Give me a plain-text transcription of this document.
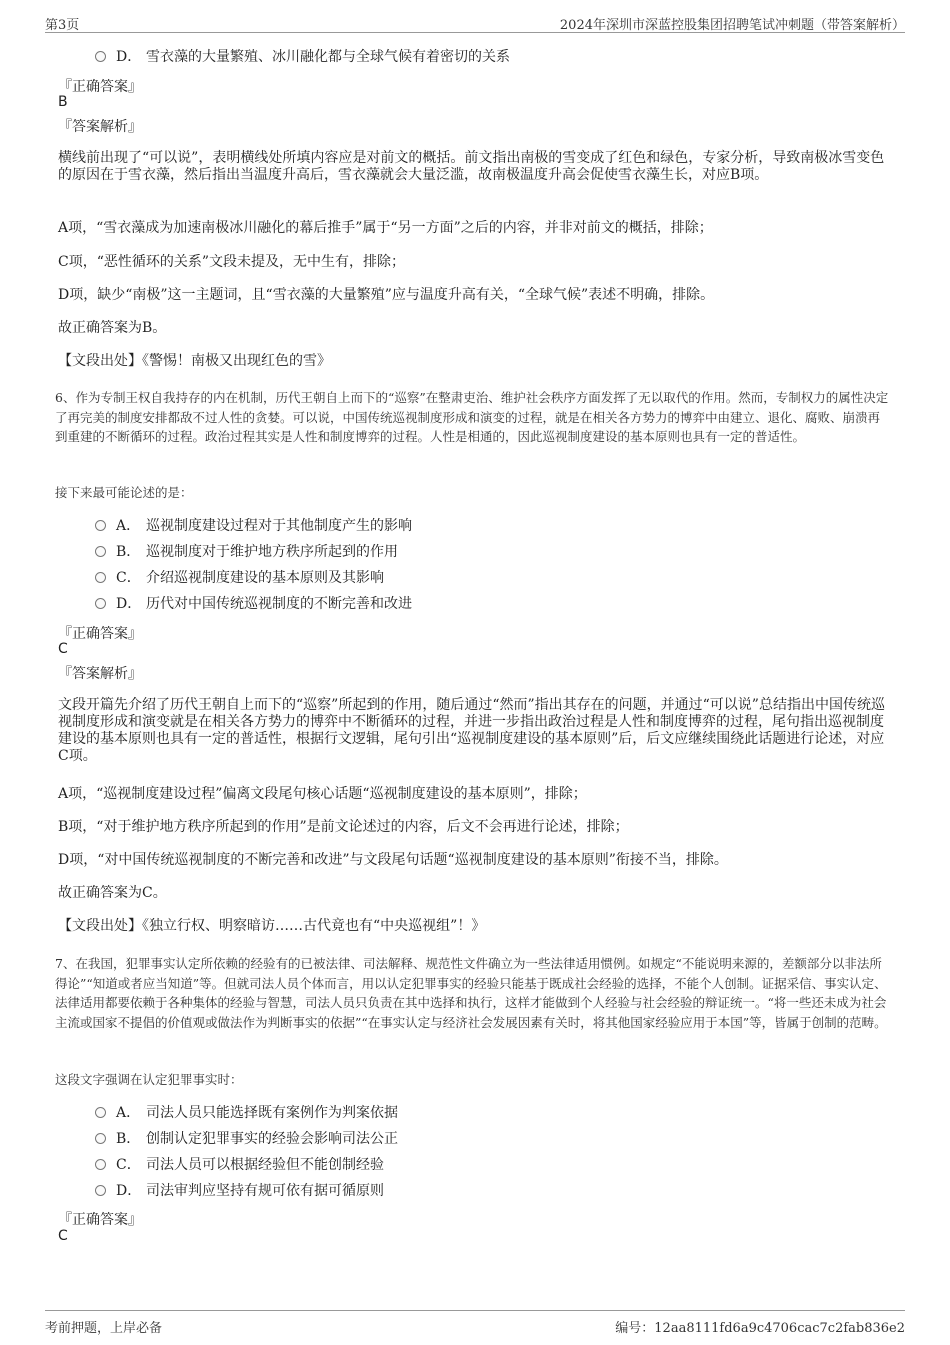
第3页	2024年深圳市深蓝控股集团招聘笔试冲刺题（带答案解析）
D． 雪衣藻的大量繁殖、冰川融化都与全球气候有着密切的关系
『正确答案』
B
『答案解析』
横线前出现了“可以说”，表明横线处所填内容应是对前文的概括。前文指出南极的雪变成了红色和绿色，专家分析，导致南极冰雪变色的原因在于雪衣藻，然后指出当温度升高后，雪衣藻就会大量泛滥，故南极温度升高会促使雪衣藻生长，对应B项。
A项，“雪衣藻成为加速南极冰川融化的幕后推手”属于“另一方面”之后的内容，并非对前文的概括，排除；
C项，“恶性循环的关系”文段未提及，无中生有，排除；
D项，缺少“南极”这一主题词，且“雪衣藻的大量繁殖”应与温度升高有关，“全球气候”表述不明确，排除。
故正确答案为B。
【文段出处】《警惕！南极又出现红色的雪》
6、作为专制王权自我持存的内在机制，历代王朝自上而下的“巡察”在整肃吏治、维护社会秩序方面发挥了无以取代的作用。然而，专制权力的属性决定了再完美的制度安排都敌不过人性的贪婪。可以说，中国传统巡视制度形成和演变的过程，就是在相关各方势力的博弈中由建立、退化、腐败、崩溃再到重建的不断循环的过程。政治过程其实是人性和制度博弈的过程。人性是相通的，因此巡视制度建设的基本原则也具有一定的普适性。
接下来最可能论述的是：
A． 巡视制度建设过程对于其他制度产生的影响
B． 巡视制度对于维护地方秩序所起到的作用
C． 介绍巡视制度建设的基本原则及其影响
D． 历代对中国传统巡视制度的不断完善和改进
『正确答案』
C
『答案解析』
文段开篇先介绍了历代王朝自上而下的“巡察”所起到的作用，随后通过“然而”指出其存在的问题，并通过“可以说”总结指出中国传统巡视制度形成和演变就是在相关各方势力的博弈中不断循环的过程，并进一步指出政治过程是人性和制度博弈的过程，尾句指出巡视制度建设的基本原则也具有一定的普适性，根据行文逻辑，尾句引出“巡视制度建设的基本原则”后，后文应继续围绕此话题进行论述，对应C项。
A项，“巡视制度建设过程”偏离文段尾句核心话题“巡视制度建设的基本原则”，排除；
B项，“对于维护地方秩序所起到的作用”是前文论述过的内容，后文不会再进行论述，排除；
D项，“对中国传统巡视制度的不断完善和改进”与文段尾句话题“巡视制度建设的基本原则”衔接不当，排除。
故正确答案为C。
【文段出处】《独立行权、明察暗访……古代竟也有“中央巡视组”！》
7、在我国，犯罪事实认定所依赖的经验有的已被法律、司法解释、规范性文件确立为一些法律适用惯例。如规定“不能说明来源的，差额部分以非法所得论”“知道或者应当知道”等。但就司法人员个体而言，用以认定犯罪事实的经验只能基于既成社会经验的选择，不能个人创制。证据采信、事实认定、法律适用都要依赖于各种集体的经验与智慧，司法人员只负责在其中选择和执行，这样才能做到个人经验与社会经验的辩证统一。“将一些还未成为社会主流或国家不提倡的价值观或做法作为判断事实的依据”“在事实认定与经济社会发展因素有关时，将其他国家经验应用于本国”等，皆属于创制的范畴。
这段文字强调在认定犯罪事实时：
A． 司法人员只能选择既有案例作为判案依据
B． 创制认定犯罪事实的经验会影响司法公正
C． 司法人员可以根据经验但不能创制经验
D． 司法审判应坚持有规可依有据可循原则
『正确答案』
C
考前押题，上岸必备	编号：12aa8111fd6a9c4706cac7c2fab836e2
